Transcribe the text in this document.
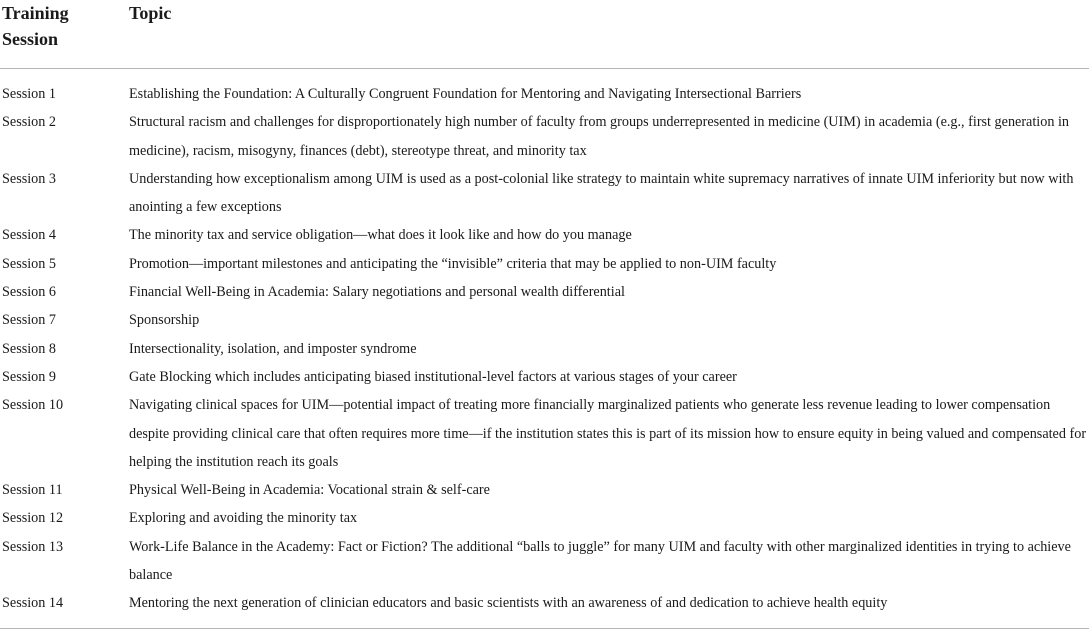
Training Session	Topic
Session 1	Establishing the Foundation: A Culturally Congruent Foundation for Mentoring and Navigating Intersectional Barriers
Session 2	Structural racism and challenges for disproportionately high number of faculty from groups underrepresented in medicine (UIM) in academia (e.g., first generation in medicine), racism, misogyny, finances (debt), stereotype threat, and minority tax
Session 3	Understanding how exceptionalism among UIM is used as a post-colonial like strategy to maintain white supremacy narratives of innate UIM inferiority but now with anointing a few exceptions
Session 4	The minority tax and service obligation—what does it look like and how do you manage
Session 5	Promotion—important milestones and anticipating the “invisible” criteria that may be applied to non-UIM faculty
Session 6	Financial Well-Being in Academia: Salary negotiations and personal wealth differential
Session 7	Sponsorship
Session 8	Intersectionality, isolation, and imposter syndrome
Session 9	Gate Blocking which includes anticipating biased institutional-level factors at various stages of your career
Session 10	Navigating clinical spaces for UIM—potential impact of treating more financially marginalized patients who generate less revenue leading to lower compensation despite providing clinical care that often requires more time—if the institution states this is part of its mission how to ensure equity in being valued and compensated for helping the institution reach its goals
Session 11	Physical Well-Being in Academia: Vocational strain & self-care
Session 12	Exploring and avoiding the minority tax
Session 13	Work-Life Balance in the Academy: Fact or Fiction? The additional “balls to juggle” for many UIM and faculty with other marginalized identities in trying to achieve balance
Session 14	Mentoring the next generation of clinician educators and basic scientists with an awareness of and dedication to achieve health equity
